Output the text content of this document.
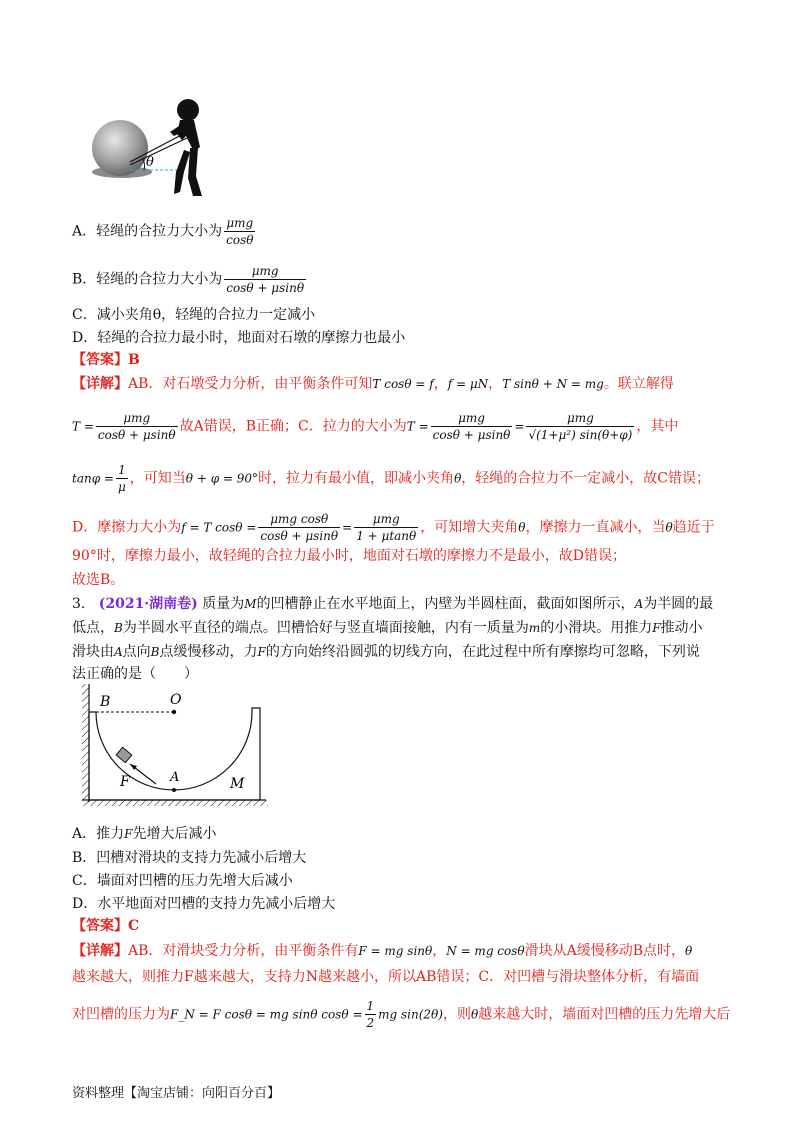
θ
A．轻绳的合拉力大小为 $\frac{\text{μmg}}{\cos\theta}$
B．轻绳的合拉力大小为 $\frac{\text{μmg}}{\cos\theta + \mu\sin\theta}$
C．减小夹角θ，轻绳的合拉力一定减小
D．轻绳的合拉力最小时，地面对石墩的摩擦力也最小
【答案】B
【详解】AB．对石墩受力分析，由平衡条件可知T cosθ = f，f = μN，T sinθ + N = mg。联立解得
$T = \frac{\text{μmg}}{\cos\theta + \mu\sin\theta}$ 故A错误，B正确；C．拉力的大小为$T = \frac{\text{μmg}}{\cos\theta + \mu\sin\theta} = \frac{\text{μmg}}{\text{√(1+μ²) sin(θ+φ)}}$ ，其中
$\tan\varphi = \frac{1}{\mu}$ ，可知当θ + φ = 90°时，拉力有最小值，即减小夹角θ，轻绳的合拉力不一定减小，故C错误；
D．摩擦力大小为f = T $\cos\theta = \frac{\text{μmg cosθ}}{\cos\theta + \mu\sin\theta} = \frac{\text{μmg}}{1 + \mu\tan\theta}$ ，可知增大夹角θ，摩擦力一直减小，当θ趋近于
90°时，摩擦力最小，故轻绳的合拉力最小时，地面对石墩的摩擦力不是最小，故D错误；
故选B。
3. (2021·湖南卷) 质量为M的凹槽静止在水平地面上，内壁为半圆柱面，截面如图所示，A为半圆的最
低点，B为半圆水平直径的端点。凹槽恰好与竖直墙面接触，内有一质量为m的小滑块。用推力F推动小
滑块由A点向B点缓慢移动，力F的方向始终沿圆弧的切线方向，在此过程中所有摩擦均可忽略，下列说
法正确的是（　　）
B	O
F	A	M
A．推力F先增大后减小
B．凹槽对滑块的支持力先减小后增大
C．墙面对凹槽的压力先增大后减小
D．水平地面对凹槽的支持力先减小后增大
【答案】C
【详解】AB．对滑块受力分析，由平衡条件有F = mg sinθ，N = mg cosθ滑块从A缓慢移动B点时，θ
越来越大，则推力F越来越大，支持力N越来越小，所以AB错误；C．对凹槽与滑块整体分析，有墙面
对凹槽的压力为F_N = F cosθ = mg sinθ $\cos\theta = \frac{1}{2}$ mg sin(2θ)，则θ越来越大时，墙面对凹槽的压力先增大后
资料整理【淘宝店铺：向阳百分百】
